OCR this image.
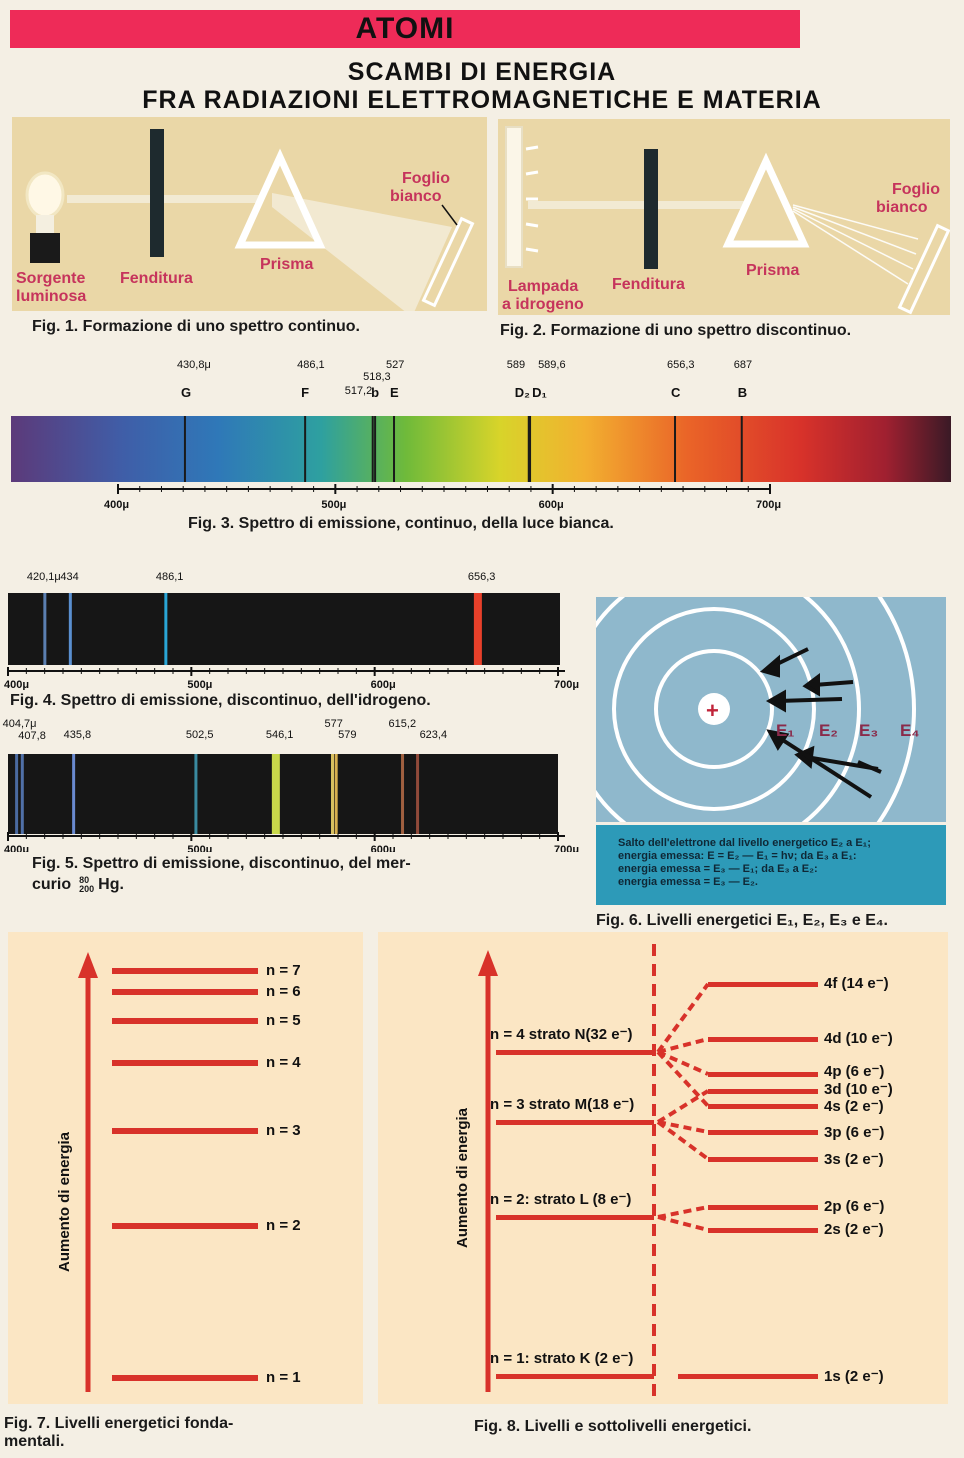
ATOMI
SCAMBI DI ENERGIA
FRA RADIAZIONI ELETTROMAGNETICHE E MATERIA
Sorgente
luminosa
Fenditura
Prisma
Foglio
bianco
Fig. 1. Formazione di uno spettro continuo.
Lampada
a idrogeno
Fenditura
Prisma
Foglio
bianco
Fig. 2. Formazione di uno spettro discontinuo.
430,8μ
G
486,1
F
518,3
b
517,2
527
E
589
D₂
589,6
D₁
656,3
C
687
B
400μ	500μ	600μ	700μ
Fig. 3. Spettro di emissione, continuo, della luce bianca.
420,1μ 434	486,1	656,3
400μ	500μ	600μ	700μ
Fig. 4. Spettro di emissione, discontinuo, dell'idrogeno.
404,7μ
407,8 435,8	502,5	546,1
577
579
615,2
623,4
400μ	500μ	600μ	700μ
Fig. 5. Spettro di emissione, discontinuo, del mer-
curio 80
200 Hg.
+
E₁ E₂ E₃ E₄
Salto dell'elettrone dal livello energetico E₂ a E₁;
energia emessa: E = E₂ — E₁ = hν; da E₃ a E₁:
energia emessa = E₃ — E₁; da E₃ a E₂:
energia emessa = E₃ — E₂.
Fig. 6. Livelli energetici E₁, E₂, E₃ e E₄.
Aumento di energia
n = 7
n = 6
n = 5
n = 4
n = 3
n = 2
n = 1
Fig. 7. Livelli energetici fonda-
mentali.
Aumento di energia
n = 4 strato N(32 e⁻)
n = 3 strato M(18 e⁻)
n = 2: strato L (8 e⁻)
n = 1: strato K (2 e⁻)
4f (14 e⁻)
4d (10 e⁻)
4p (6 e⁻)
3d (10 e⁻)
4s (2 e⁻)
3p (6 e⁻)
3s (2 e⁻)
2p (6 e⁻)
2s (2 e⁻)
1s (2 e⁻)
Fig. 8. Livelli e sottolivelli energetici.
